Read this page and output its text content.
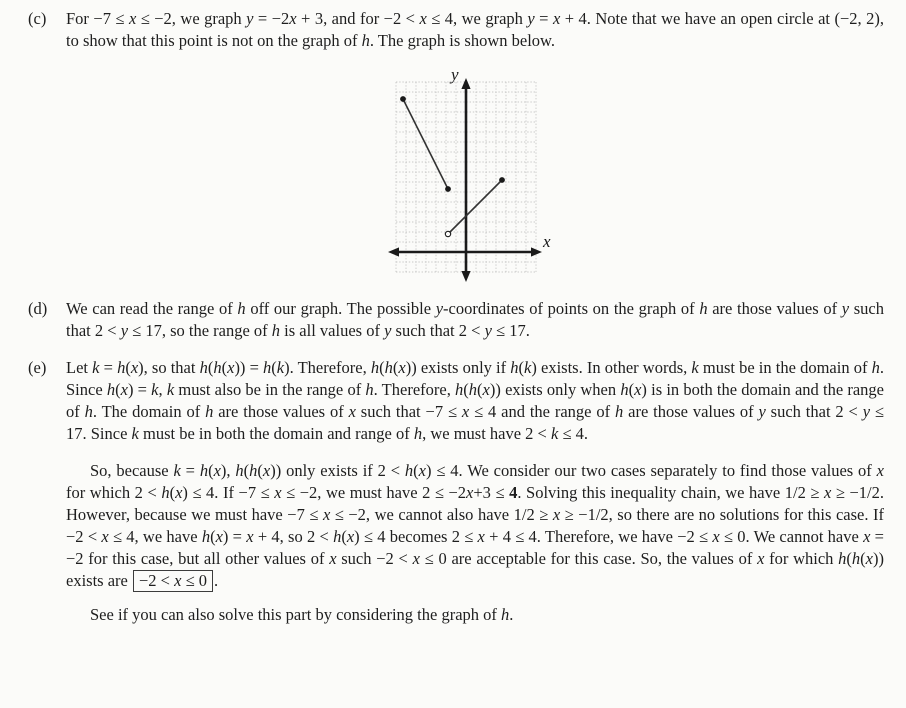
(c) For −7 ≤ x ≤ −2, we graph y = −2x + 3, and for −2 < x ≤ 4, we graph y = x + 4. Note that we have an open circle at (−2, 2), to show that this point is not on the graph of h. The graph is shown below.
y
x
(d) We can read the range of h off our graph. The possible y-coordinates of points on the graph of h are those values of y such that 2 < y ≤ 17, so the range of h is all values of y such that 2 < y ≤ 17.
(e) Let k = h(x), so that h(h(x)) = h(k). Therefore, h(h(x)) exists only if h(k) exists. In other words, k must be in the domain of h. Since h(x) = k, k must also be in the range of h. Therefore, h(h(x)) exists only when h(x) is in both the domain and the range of h. The domain of h are those values of x such that −7 ≤ x ≤ 4 and the range of h are those values of y such that 2 < y ≤ 17. Since k must be in both the domain and range of h, we must have 2 < k ≤ 4.
So, because k = h(x), h(h(x)) only exists if 2 < h(x) ≤ 4. We consider our two cases separately to find those values of x for which 2 < h(x) ≤ 4. If −7 ≤ x ≤ −2, we must have 2 ≤ −2x+3 ≤ 4. Solving this inequality chain, we have 1/2 ≥ x ≥ −1/2. However, because we must have −7 ≤ x ≤ −2, we cannot also have 1/2 ≥ x ≥ −1/2, so there are no solutions for this case. If −2 < x ≤ 4, we have h(x) = x + 4, so 2 < h(x) ≤ 4 becomes 2 ≤ x + 4 ≤ 4. Therefore, we have −2 ≤ x ≤ 0. We cannot have x = −2 for this case, but all other values of x such −2 < x ≤ 0 are acceptable for this case. So, the values of x for which h(h(x)) exists are −2 < x ≤ 0 .
See if you can also solve this part by considering the graph of h.
